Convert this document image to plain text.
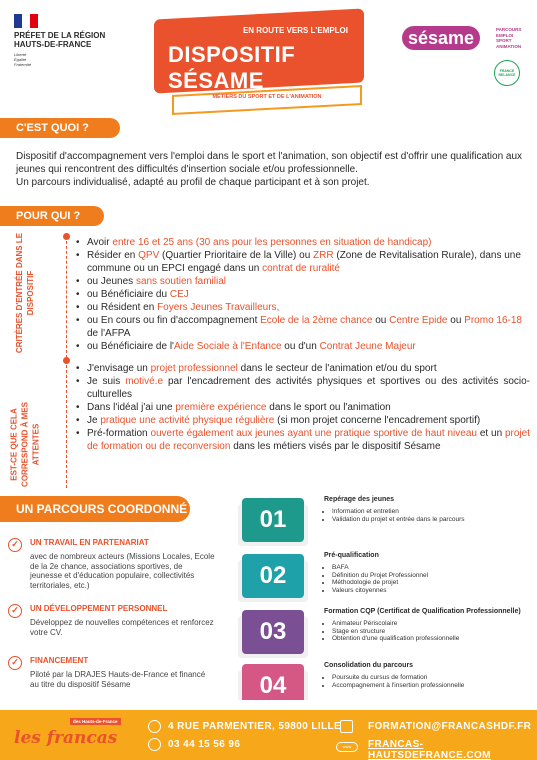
PRÉFET DE LA RÉGION HAUTS-DE-FRANCE
Liberté
Égalité
Fraternité
EN ROUTE VERS L'EMPLOI
DISPOSITIF SÉSAME
MÉTIERS DU SPORT ET DE L'ANIMATION
sésame	PARCOURS
EMPLOI
SPORT
ANIMATION
FRANCE RELANCE
C'EST QUOI ?

Dispositif d'accompagnement vers l'emploi dans le sport et l'animation, son objectif est d'offrir une qualification aux jeunes qui rencontrent des difficultés d'insertion sociale et/ou professionnelle.

Un parcours individualisé, adapté au profil de chaque participant et à son projet.

POUR QUI ?
CRITÈRES D'ENTRÉE DANS LE DISPOSITIF
• Avoir entre 16 et 25 ans (30 ans pour les personnes en situation de handicap)
• Résider en QPV (Quartier Prioritaire de la Ville) ou ZRR (Zone de Revitalisation Rurale), dans une commune ou un EPCI engagé dans un contrat de ruralité
• ou Jeunes sans soutien familial
• ou Bénéficiaire du CEJ
• ou Résident en Foyers Jeunes Travailleurs,
• ou En cours ou fin d'accompagnement Ecole de la 2ème chance ou Centre Epide ou Promo 16-18 de l'AFPA
• ou Bénéficiaire de l'Aide Sociale à l'Enfance ou d'un Contrat Jeune Majeur
EST-CE QUE CELA CORRESPOND À MES ATTENTES
• J'envisage un projet professionnel dans le secteur de l'animation et/ou du sport
• Je suis motivé.e par l'encadrement des activités physiques et sportives ou des activités socio-culturelles
• Dans l'idéal j'ai une première expérience dans le sport ou l'animation
• Je pratique une activité physique régulière (si mon projet concerne l'encadrement sportif)
• Pré-formation ouverte également aux jeunes ayant une pratique sportive de haut niveau et un projet de formation ou de reconversion dans les métiers visés par le dispositif Sésame
UN PARCOURS COORDONNÉ
✓	UN TRAVAIL EN PARTENARIAT
avec de nombreux acteurs (Missions Locales, Ecole de la 2e chance, associations sportives, de jeunesse et d'éducation populaire, collectivités territoriales, etc.)
✓	UN DÉVELOPPEMENT PERSONNEL
Développez de nouvelles compétences et renforcez votre CV.
✓	FINANCEMENT
Piloté par la DRAJES Hauts-de-France et financé au titre du dispositif Sésame
01
Repérage des jeunes
• Information et entretien
• Validation du projet et entrée dans le parcours
02
Pré-qualification
• BAFA
• Définition du Projet Professionnel
• Méthodologie de projet
• Valeurs citoyennes
03
Formation CQP (Certificat de Qualification Professionnelle)
• Animateur Périscolaire
• Stage en structure
• Obtention d'une qualification professionnelle
04
Consolidation du parcours
• Poursuite du cursus de formation
• Accompagnement à l'insertion professionnelle
des Hauts-de-France
les francas
4 RUE PARMENTIER, 59800 LILLE
03 44 15 56 96
FORMATION@FRANCASHDF.FR
FRANCAS-HAUTSDEFRANCE.COM
www
